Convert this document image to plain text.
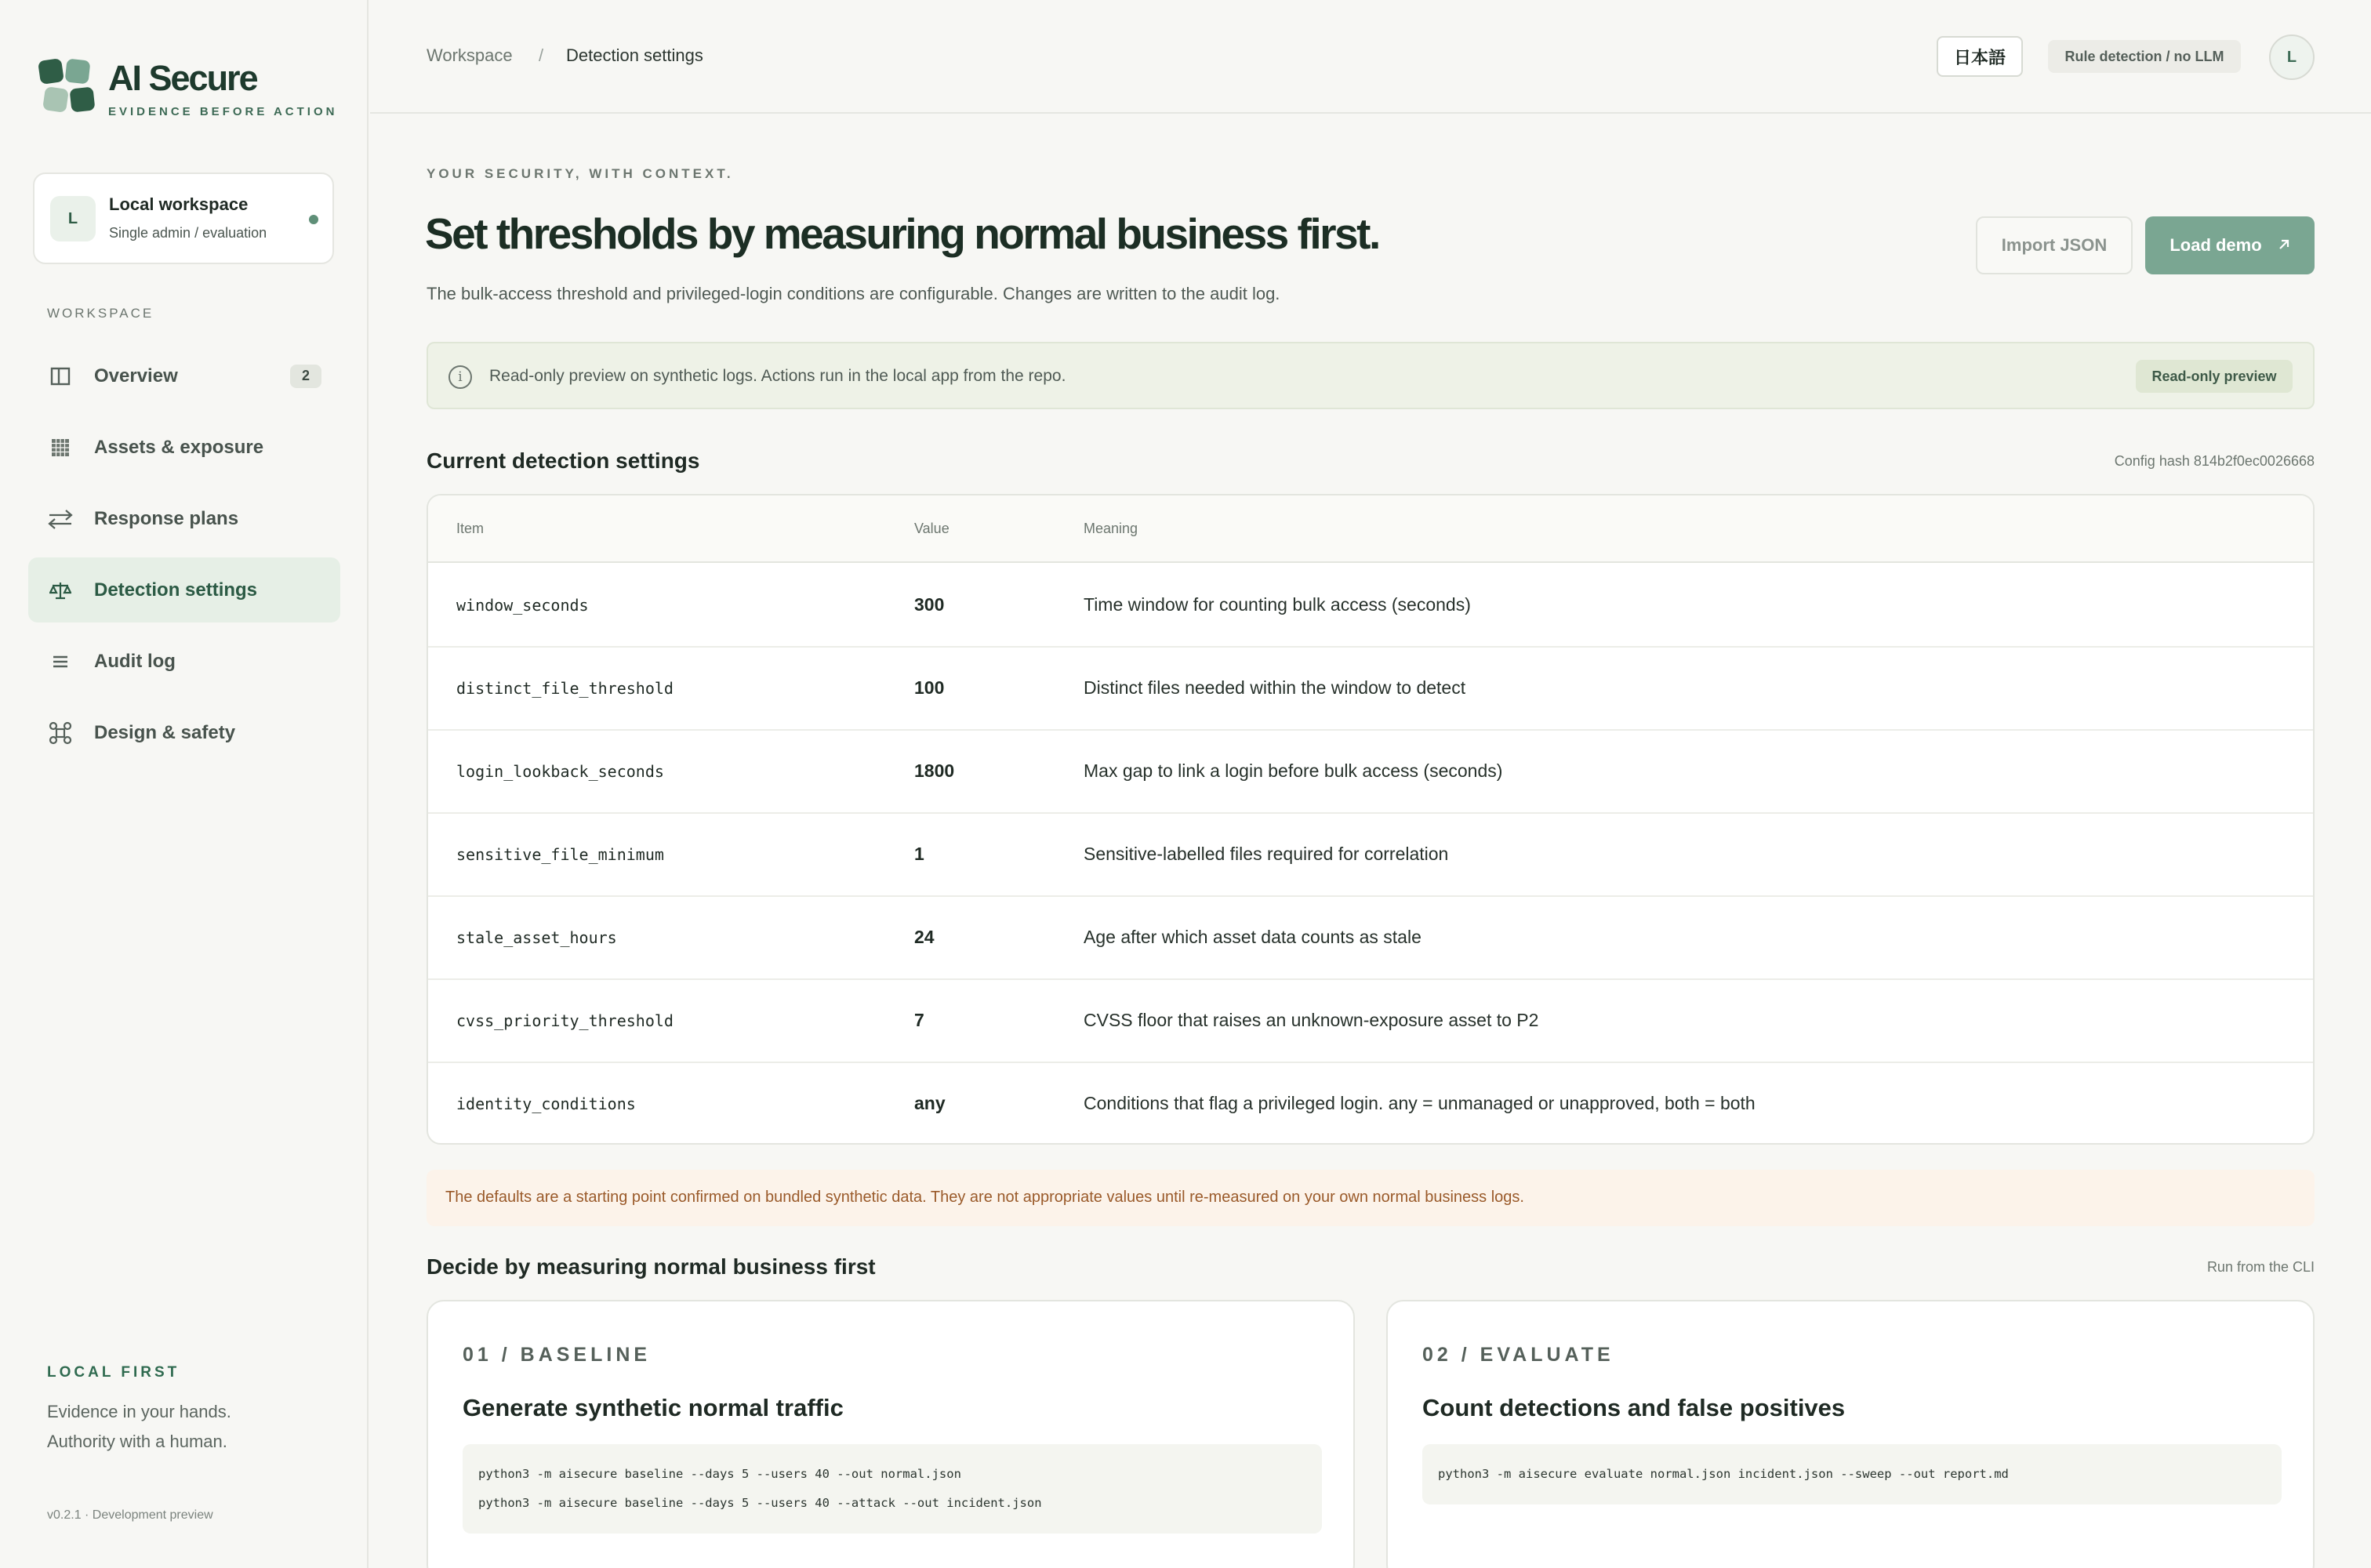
AI Secure
EVIDENCE BEFORE ACTION
L
Local workspace
Single admin / evaluation
WORKSPACE
Overview	2
Assets & exposure
Response plans
Detection settings
Audit log
Design & safety
LOCAL FIRST
Evidence in your hands.
Authority with a human.
v0.2.1 · Development preview
Workspace / Detection settings	日本語	Rule detection / no LLM	L
YOUR SECURITY, WITH CONTEXT.
Set thresholds by measuring normal business first.

The bulk-access threshold and privileged-login conditions are configurable. Changes are written to the audit log.

Import JSON	Load demo
i	Read-only preview on synthetic logs. Actions run in the local app from the repo.	Read-only preview
Current detection settings	Config hash 814b2f0ec0026668
Item	Value	Meaning
window_seconds	300	Time window for counting bulk access (seconds)
distinct_file_threshold	100	Distinct files needed within the window to detect
login_lookback_seconds	1800	Max gap to link a login before bulk access (seconds)
sensitive_file_minimum	1	Sensitive-labelled files required for correlation
stale_asset_hours	24	Age after which asset data counts as stale
cvss_priority_threshold	7	CVSS floor that raises an unknown-exposure asset to P2
identity_conditions	any	Conditions that flag a privileged login. any = unmanaged or unapproved, both = both
The defaults are a starting point confirmed on bundled synthetic data. They are not appropriate values until re-measured on your own normal business logs.
Decide by measuring normal business first	Run from the CLI
01 / BASELINE
Generate synthetic normal traffic
python3 -m aisecure baseline --days 5 --users 40 --out normal.json
python3 -m aisecure baseline --days 5 --users 40 --attack --out incident.json
02 / EVALUATE
Count detections and false positives
python3 -m aisecure evaluate normal.json incident.json --sweep --out report.md
